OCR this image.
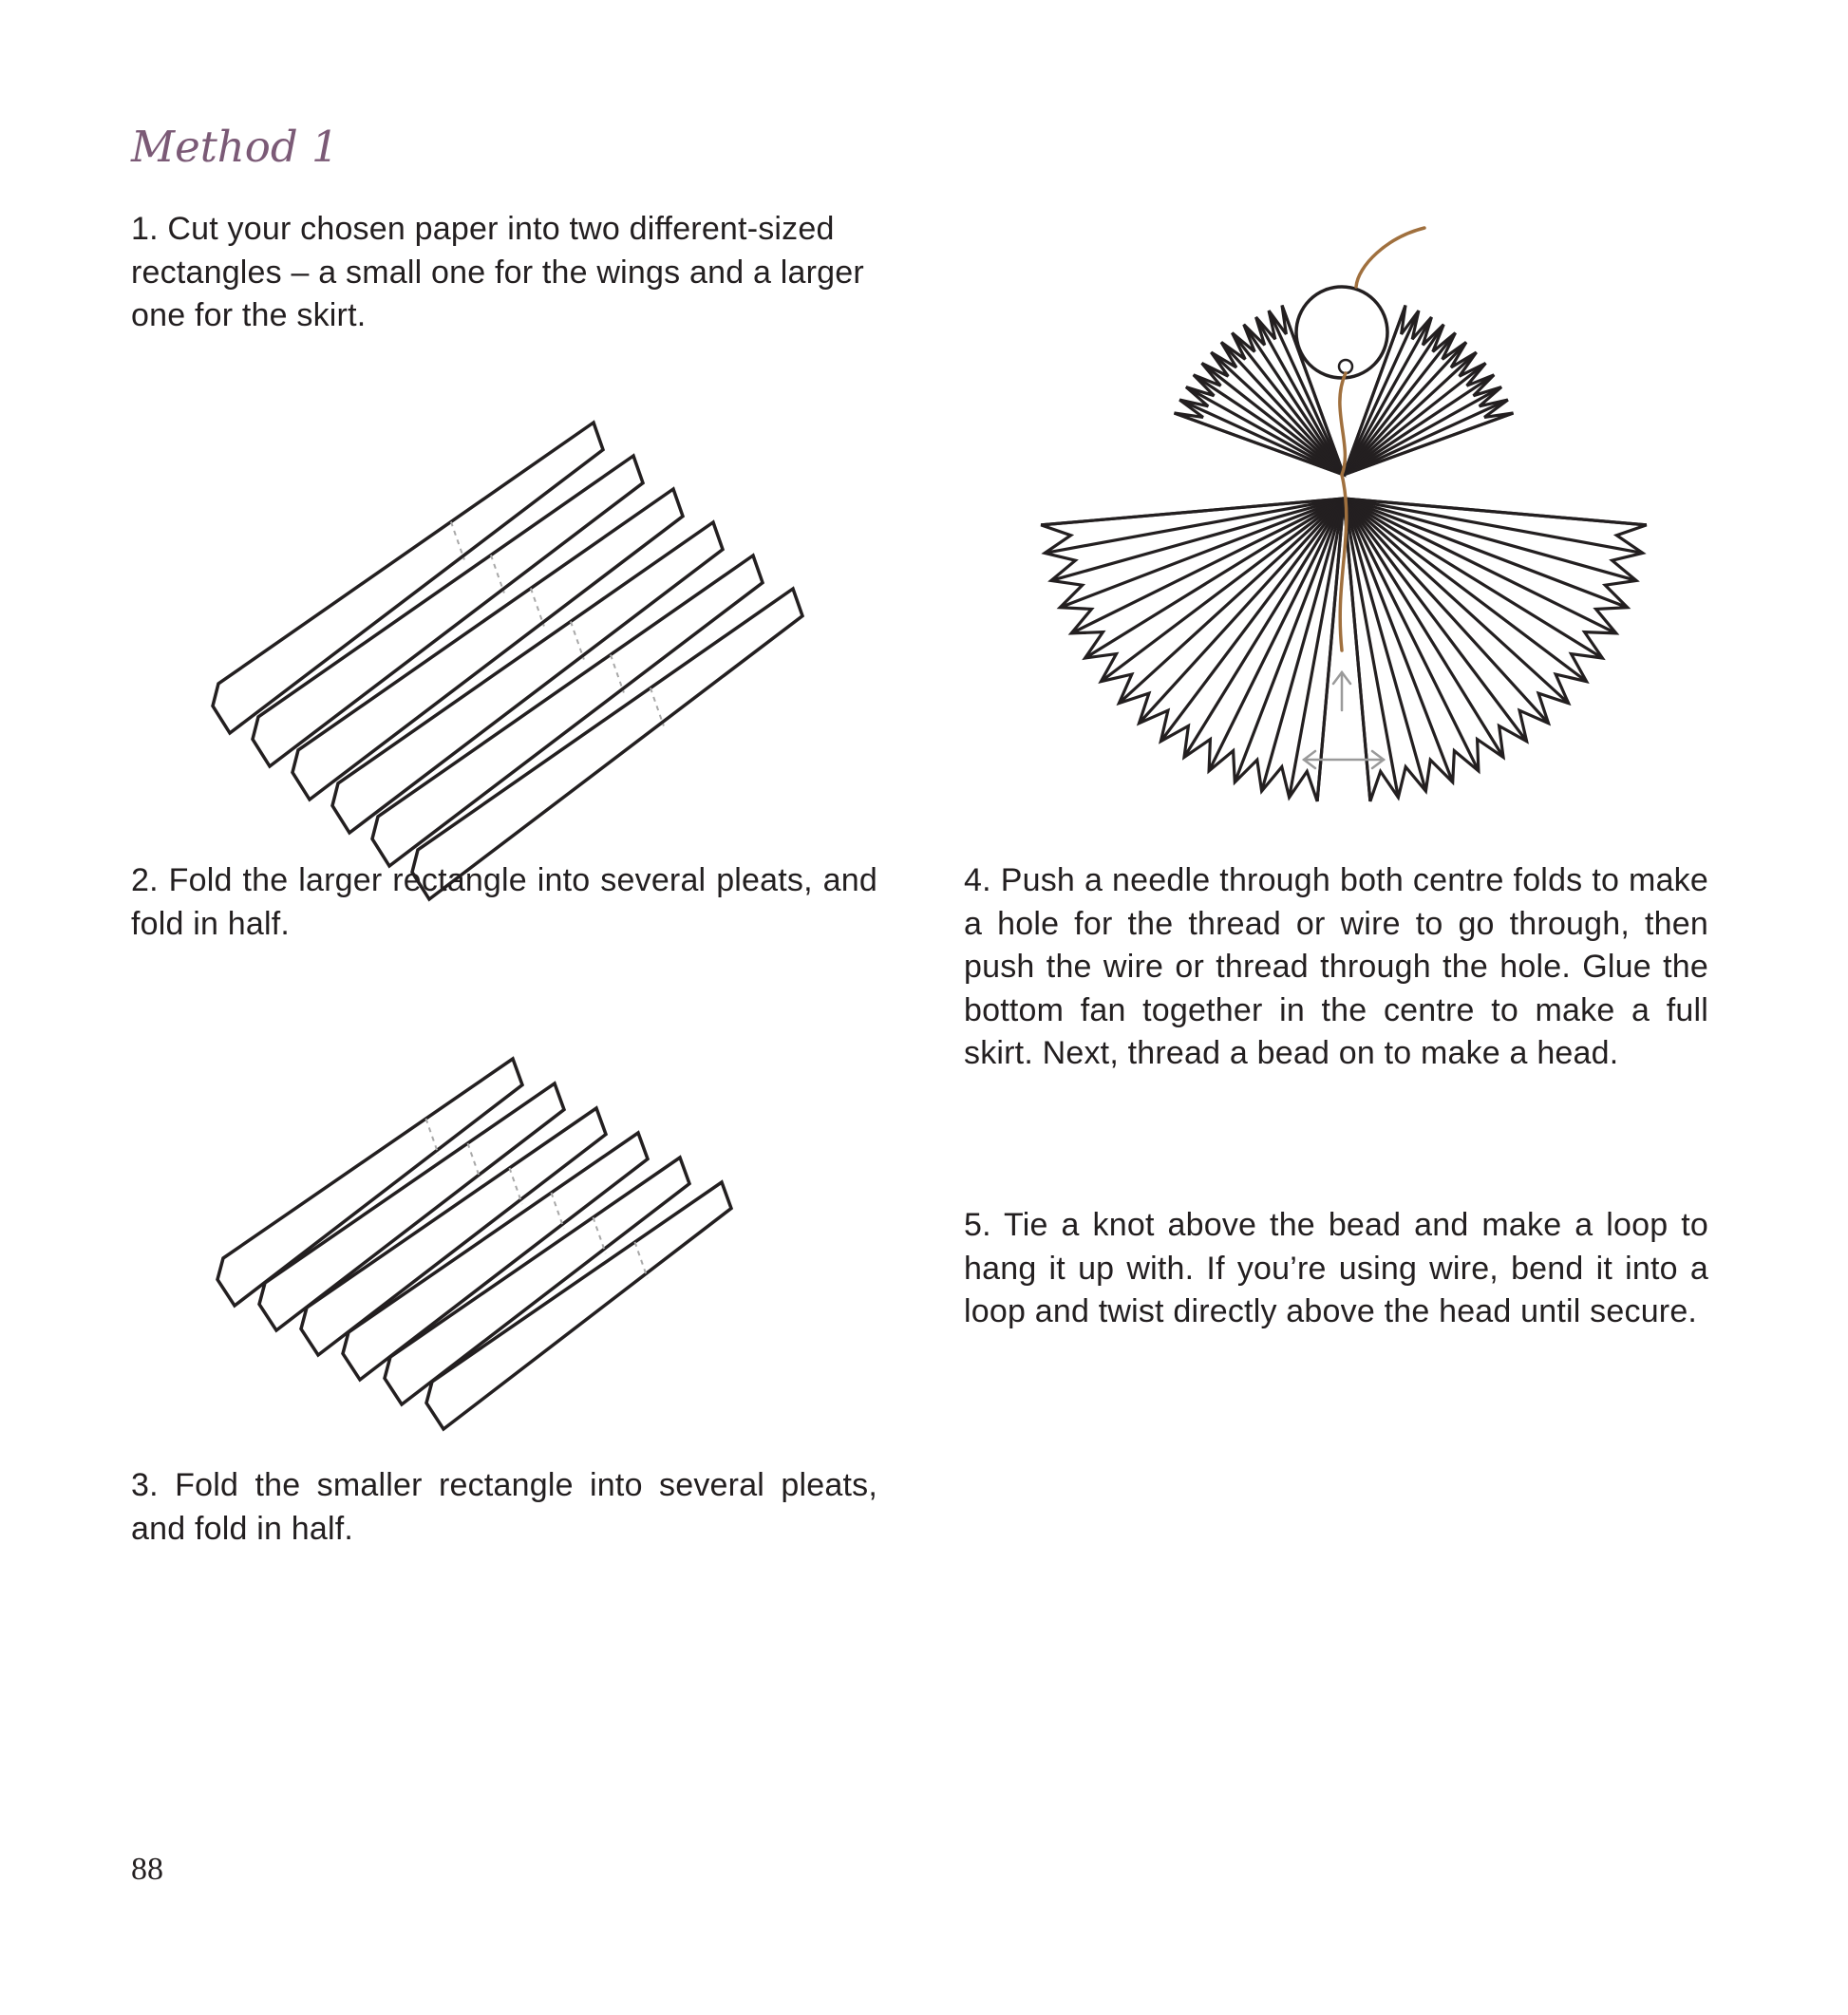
Method 1

1. Cut your chosen paper into two different-sized rectangles – a small one for the wings and a larger one for the skirt.

2. Fold the larger rectangle into several pleats, and fold in half.

3. Fold the smaller rectangle into several pleats, and fold in half.

4. Push a needle through both centre folds to make a hole for the thread or wire to go through, then push the wire or thread through the hole. Glue the bottom fan together in the centre to make a full skirt. Next, thread a bead on to make a head.

5. Tie a knot above the bead and make a loop to hang it up with. If you’re using wire, bend it into a loop and twist directly above the head until secure.

88
